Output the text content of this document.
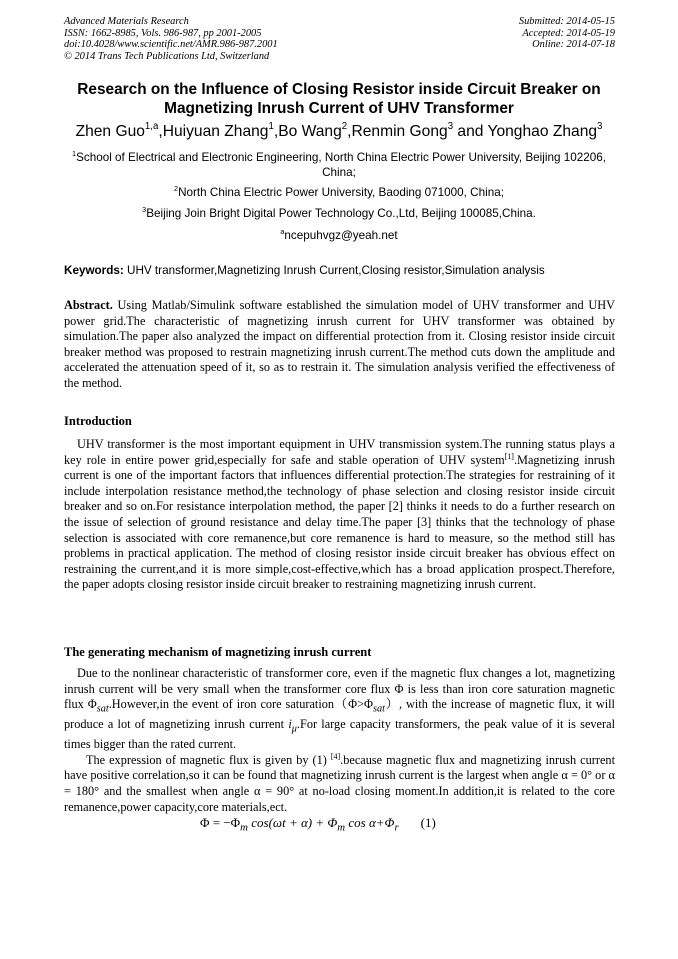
Advanced Materials Research
ISSN: 1662-8985, Vols. 986-987, pp 2001-2005
doi:10.4028/www.scientific.net/AMR.986-987.2001
© 2014 Trans Tech Publications Ltd, Switzerland
Submitted: 2014-05-15
Accepted: 2014-05-19
Online: 2014-07-18
Research on the Influence of Closing Resistor inside Circuit Breaker on Magnetizing Inrush Current of UHV Transformer
Zhen Guo$^{1,a}$,Huiyuan Zhang$^1$,Bo Wang$^2$,Renmin Gong$^3$ and Yonghao Zhang$^3$
$^1$School of Electrical and Electronic Engineering, North China Electric Power University, Beijing 102206, China;
$^2$North China Electric Power University, Baoding 071000, China;
$^3$Beijing Join Bright Digital Power Technology Co.,Ltd, Beijing 100085,China.
$^a$ncepuhvgz@yeah.net
Keywords: UHV transformer,Magnetizing Inrush Current,Closing resistor,Simulation analysis

Abstract. Using Matlab/Simulink software established the simulation model of UHV transformer and UHV power grid.The characteristic of magnetizing inrush current for UHV transformer was obtained by simulation.The paper also analyzed the impact on differential protection from it. Closing resistor inside circuit breaker method was proposed to restrain magnetizing inrush current.The method cuts down the amplitude and accelerated the attenuation speed of it, so as to restrain it. The simulation analysis verified the effectiveness of the method.

Introduction

UHV transformer is the most important equipment in UHV transmission system.The running status plays a key role in entire power grid,especially for safe and stable operation of UHV system[1].Magnetizing inrush current is one of the important factors that influences differential protection.The strategies for restraining of it include interpolation resistance method,the technology of phase selection and closing resistor inside circuit breaker and so on.For resistance interpolation method, the paper [2] thinks it needs to do a further research on the issue of selection of ground resistance and delay time.The paper [3] thinks that the technology of phase selection is associated with core remanence,but core remanence is hard to measure, so the method still has problems in practical application. The method of closing resistor inside circuit breaker has obvious effect on restraining the current,and it is more simple,cost-effective,which has a broad application prospect.Therefore, the paper adopts closing resistor inside circuit breaker to restraining magnetizing inrush current.

The generating mechanism of magnetizing inrush current

Due to the nonlinear characteristic of transformer core, even if the magnetic flux changes a lot, magnetizing inrush current will be very small when the transformer core flux Φ is less than iron core saturation magnetic flux $\Phi_{sat}.However,in$ the event of iron core $saturation(\Phi>\Phi_{sat})$, with the increase of magnetic flux, it will produce a lot of magnetizing inrush current $i_\mu.For$ large capacity transformers, the peak value of it is several times bigger than the rated current.

The expression of magnetic flux is given by (1) [4].because magnetic flux and magnetizing inrush current have positive correlation,so it can be found that magnetizing inrush current is the largest when angle α = 0° or α = 180° and the smallest when angle α = 90° at no-load closing moment.In addition,it is related to the core remanence,power capacity,core materials,ect.

$\Phi = -\Phi_m$ $\cos(\omega t + \alpha) + \Phi_m$ $\cos \alpha+\Phi_r$ (1)
